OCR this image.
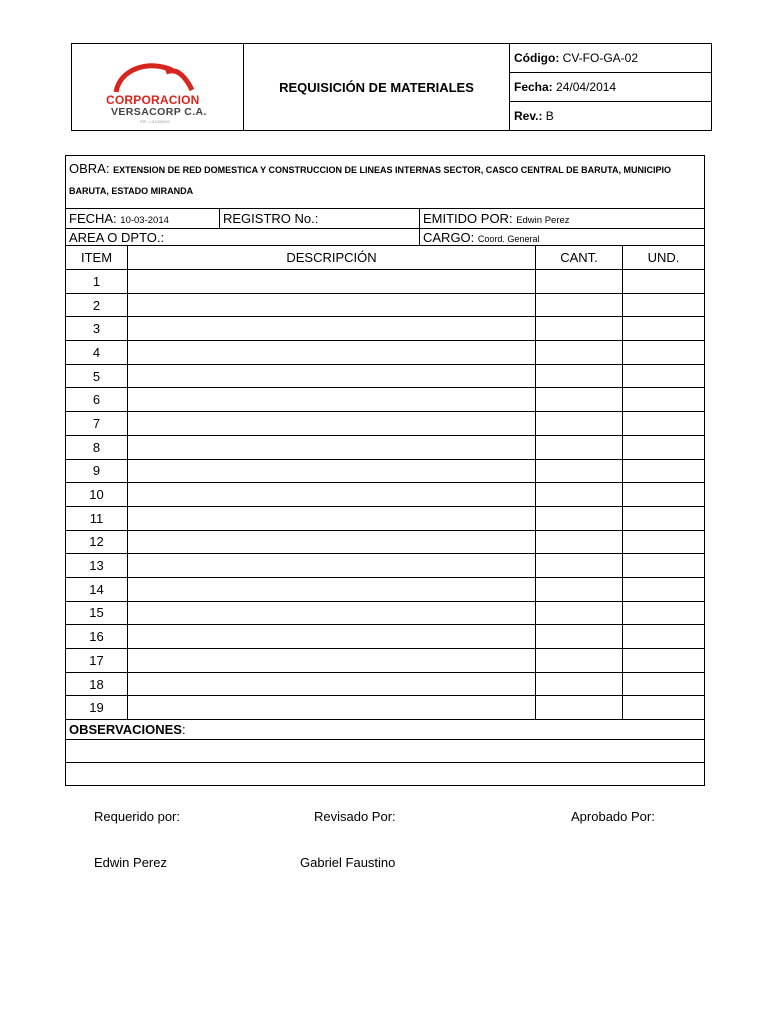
CORPORACION
VERSACORP C.A.
RIF: J-31000000
	REQUISICIÓN DE MATERIALES	Código: CV-FO-GA-02
Fecha: 24/04/2014
Rev.: B
OBRA: EXTENSION DE RED DOMESTICA Y CONSTRUCCION DE LINEAS INTERNAS SECTOR, CASCO CENTRAL DE BARUTA, MUNICIPIO BARUTA, ESTADO MIRANDA					
FECHA: 10-03-2014		REGISTRO No.:	EMITIDO POR: Edwin Perez		
AREA O DPTO.:			CARGO: Coord. General		
ITEM	DESCRIPCIÓN			CANT.	UND.
1					
2					
3					
4					
5					
6					
7					
8					
9					
10					
11					
12					
13					
14					
15					
16					
17					
18					
19					
OBSERVACIONES:					

Requerido por:	Revisado Por:	Aprobado Por:
Edwin Perez	Gabriel Faustino
